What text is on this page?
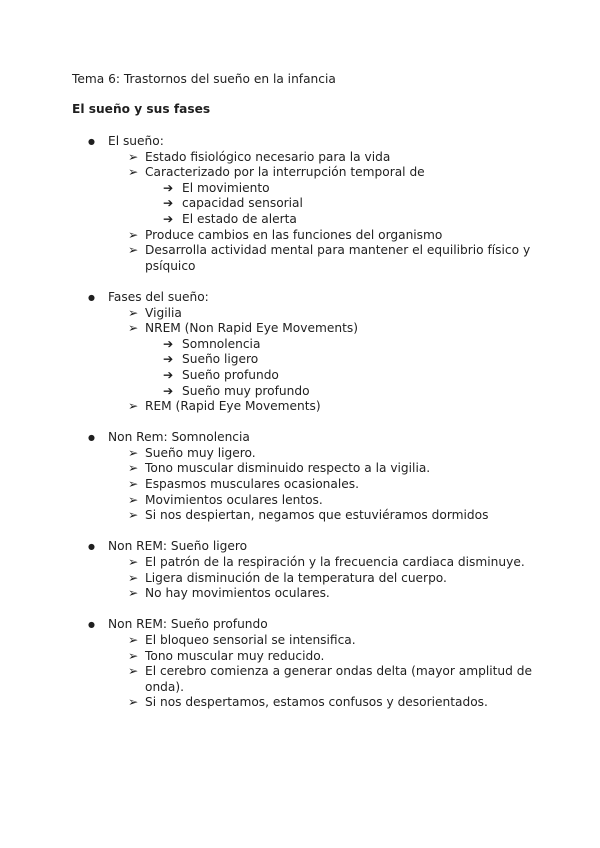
Tema 6: Trastornos del sueño en la infancia
El sueño y sus fases
● El sueño:
➢ Estado fisiológico necesario para la vida
➢ Caracterizado por la interrupción temporal de
➔ El movimiento
➔ capacidad sensorial
➔ El estado de alerta
➢ Produce cambios en las funciones del organismo
➢ Desarrolla actividad mental para mantener el equilibrio físico y psíquico
● Fases del sueño:
➢ Vigilia
➢ NREM (Non Rapid Eye Movements)
➔ Somnolencia
➔ Sueño ligero
➔ Sueño profundo
➔ Sueño muy profundo
➢ REM (Rapid Eye Movements)
● Non Rem: Somnolencia
➢ Sueño muy ligero.
➢ Tono muscular disminuido respecto a la vigilia.
➢ Espasmos musculares ocasionales.
➢ Movimientos oculares lentos.
➢ Si nos despiertan, negamos que estuviéramos dormidos
● Non REM: Sueño ligero
➢ El patrón de la respiración y la frecuencia cardiaca disminuye.
➢ Ligera disminución de la temperatura del cuerpo.
➢ No hay movimientos oculares.
● Non REM: Sueño profundo
➢ El bloqueo sensorial se intensifica.
➢ Tono muscular muy reducido.
➢ El cerebro comienza a generar ondas delta (mayor amplitud de onda).
➢ Si nos despertamos, estamos confusos y desorientados.
